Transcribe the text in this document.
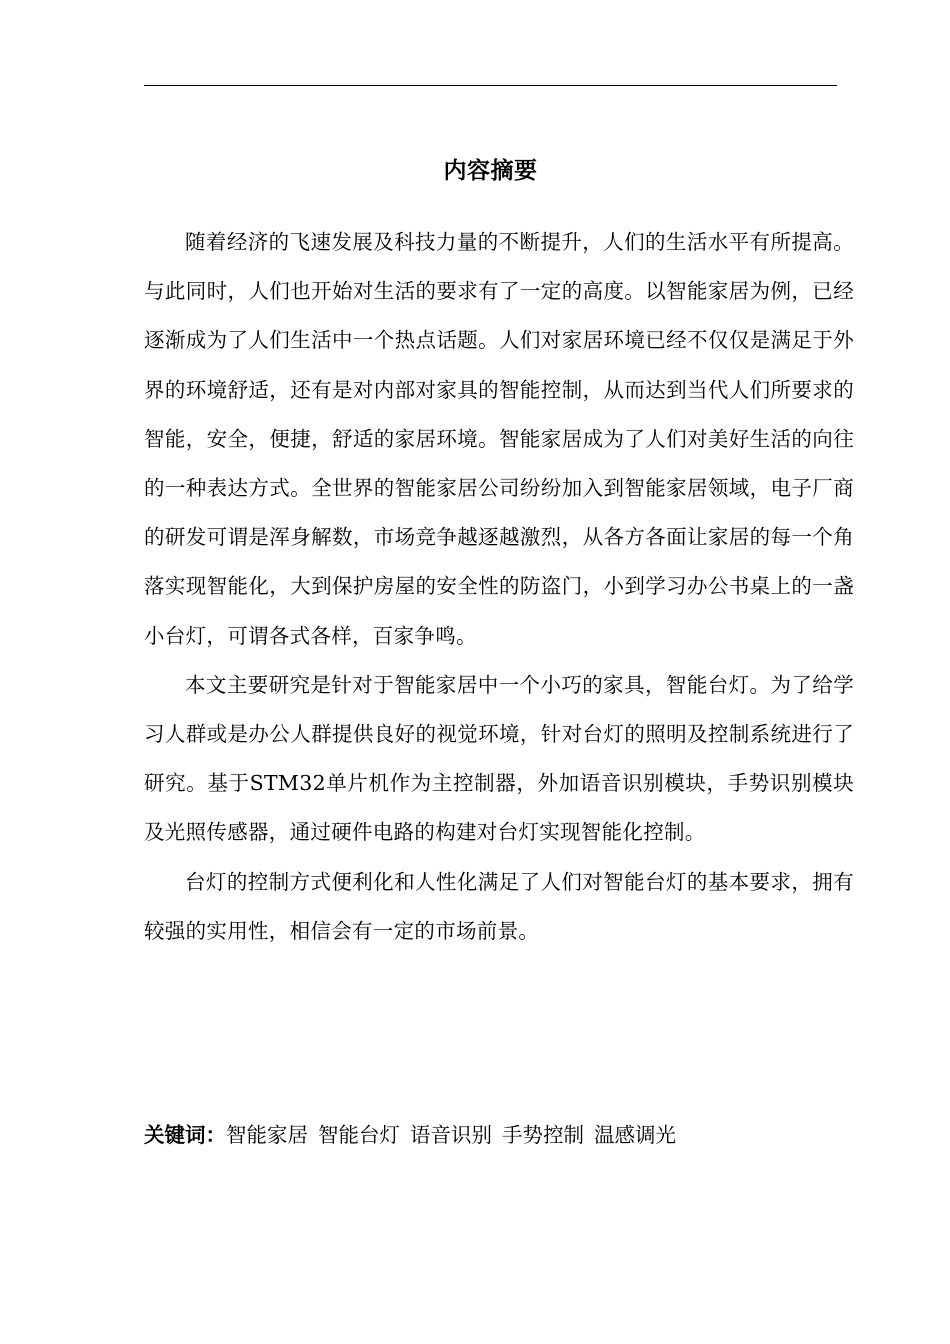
内容摘要

随着经济的飞速发展及科技力量的不断提升，人们的生活水平有所提高。与此同时，人们也开始对生活的要求有了一定的高度。以智能家居为例，已经逐渐成为了人们生活中一个热点话题。人们对家居环境已经不仅仅是满足于外界的环境舒适，还有是对内部对家具的智能控制，从而达到当代人们所要求的智能，安全，便捷，舒适的家居环境。智能家居成为了人们对美好生活的向往的一种表达方式。全世界的智能家居公司纷纷加入到智能家居领域，电子厂商的研发可谓是浑身解数，市场竞争越逐越激烈，从各方各面让家居的每一个角落实现智能化，大到保护房屋的安全性的防盗门，小到学习办公书桌上的一盏小台灯，可谓各式各样，百家争鸣。

本文主要研究是针对于智能家居中一个小巧的家具，智能台灯。为了给学习人群或是办公人群提供良好的视觉环境，针对台灯的照明及控制系统进行了研究。基于STM32单片机作为主控制器，外加语音识别模块，手势识别模块及光照传感器，通过硬件电路的构建对台灯实现智能化控制。

台灯的控制方式便利化和人性化满足了人们对智能台灯的基本要求，拥有较强的实用性，相信会有一定的市场前景。

关键词：智能家居 智能台灯 语音识别 手势控制 温感调光
